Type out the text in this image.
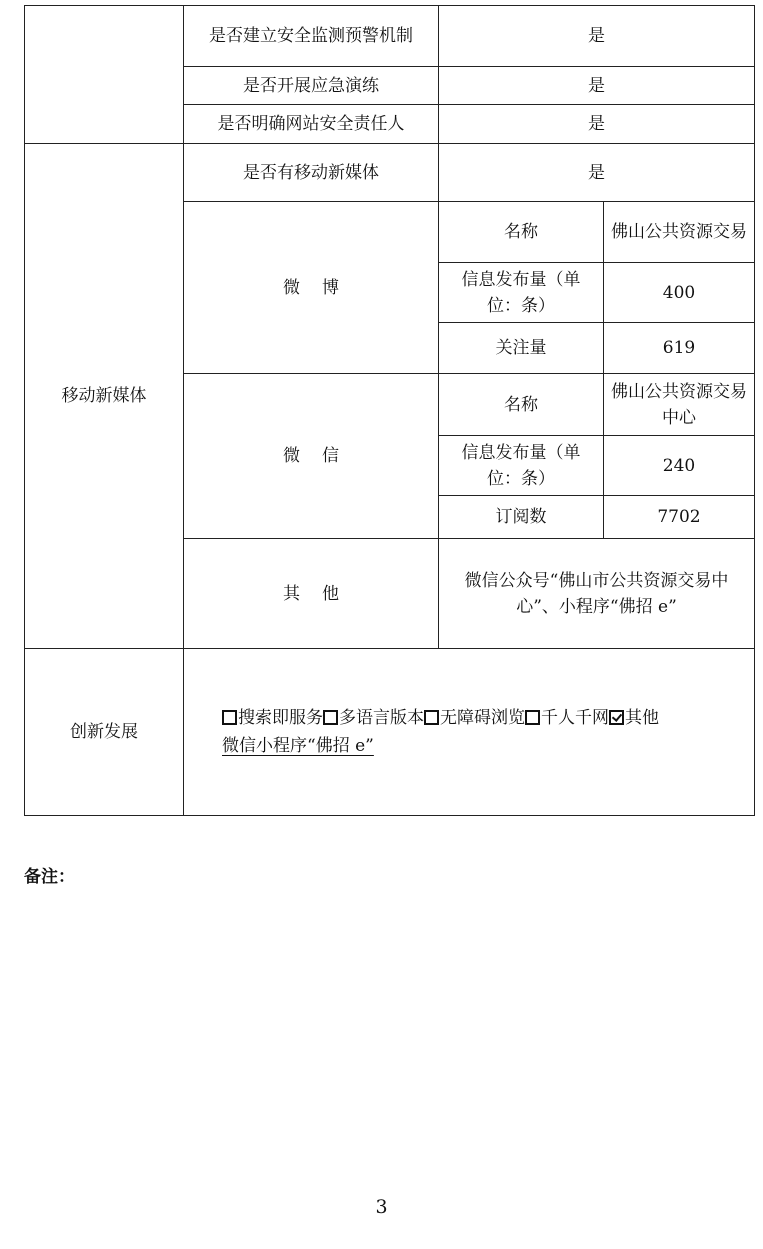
	是否建立安全监测预警机制	是	
	是否开展应急演练	是	
	是否明确网站安全责任人	是	
移动新媒体	是否有移动新媒体	是	
	微博	名称	佛山公共资源交易
		信息发布量（单位：条）	400
		关注量	619
	微信	名称	佛山公共资源交易中心
		信息发布量（单位：条）	240
		订阅数	7702
	其他	微信公众号“佛山市公共资源交易中心”、小程序“佛招 e”	
创新发展	搜索即服务 多语言版本 无障碍浏览 千人千网 其他
微信小程序“佛招 e”		
备注：
3
